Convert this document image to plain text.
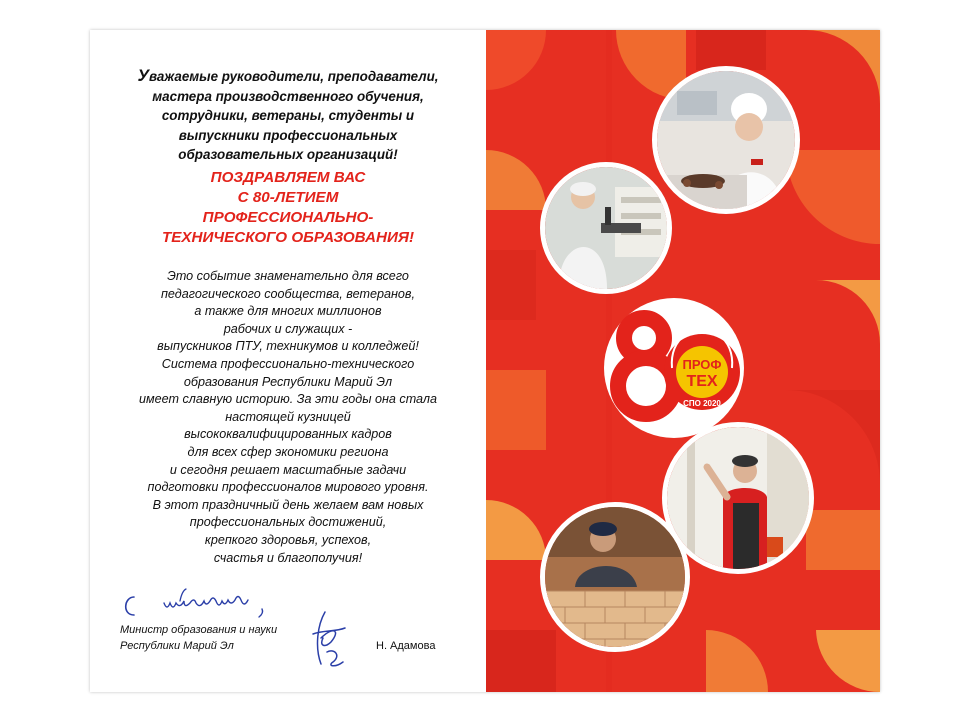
Уважаемые руководители, преподаватели,
мастера производственного обучения,
сотрудники, ветераны, студенты и
выпускники профессиональных
образовательных организаций!
ПОЗДРАВЛЯЕМ ВАС
С 80-ЛЕТИЕМ
ПРОФЕССИОНАЛЬНО-
ТЕХНИЧЕСКОГО ОБРАЗОВАНИЯ!
Это событие знаменательно для всего
педагогического сообщества, ветеранов,
а также для многих миллионов
рабочих и служащих -
выпускников ПТУ, техникумов и колледжей!
Система профессионально-технического
образования Республики Марий Эл
имеет славную историю. За эти годы она стала
настоящей кузницей
высококвалифицированных кадров
для всех сфер экономики региона
и сегодня решает масштабные задачи
подготовки профессионалов мирового уровня.
В этот праздничный день желаем вам новых
профессиональных достижений,
крепкого здоровья, успехов,
счастья и благополучия!
Министр образования и науки
Республики Марий Эл	Н. Адамова
ПРОФ
ТЕХ
СПО 2020
